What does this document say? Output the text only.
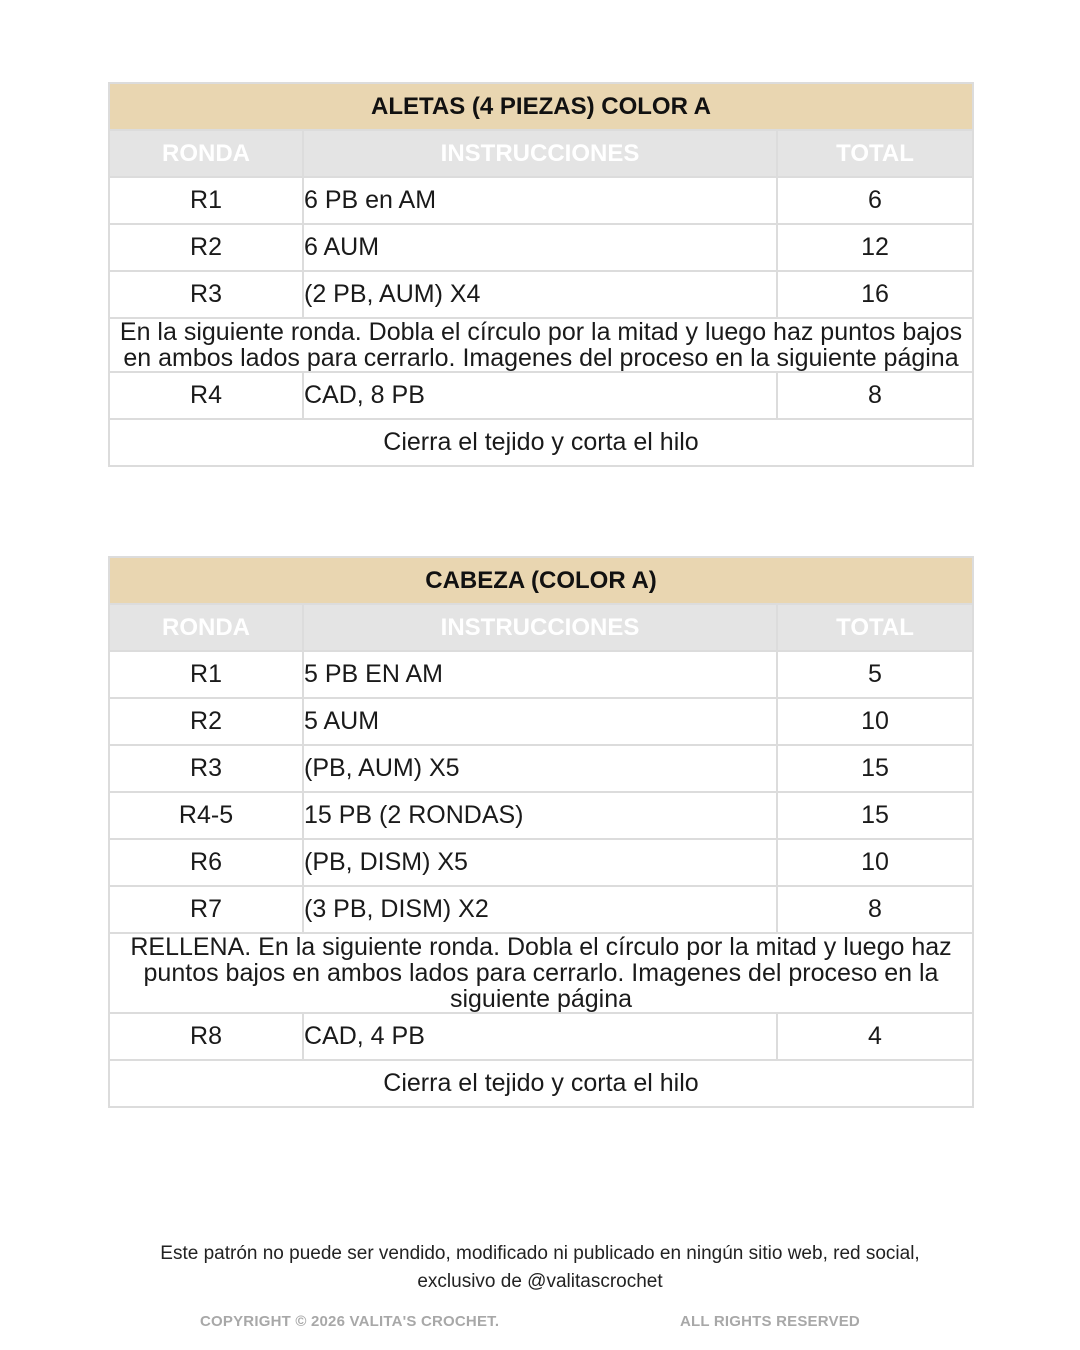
ALETAS (4 PIEZAS) COLOR A		
RONDA	INSTRUCCIONES	TOTAL
R1	6 PB en AM	6
R2	6 AUM	12
R3	(2 PB, AUM) X4	16
En la siguiente ronda. Dobla el círculo por la mitad y luego haz puntos bajos en ambos lados para cerrarlo. Imagenes del proceso en la siguiente página		
R4	CAD, 8 PB	8
Cierra el tejido y corta el hilo		
CABEZA (COLOR A)		
RONDA	INSTRUCCIONES	TOTAL
R1	5 PB EN AM	5
R2	5 AUM	10
R3	(PB, AUM) X5	15
R4-5	15 PB (2 RONDAS)	15
R6	(PB, DISM) X5	10
R7	(3 PB, DISM) X2	8
RELLENA. En la siguiente ronda. Dobla el círculo por la mitad y luego haz puntos bajos en ambos lados para cerrarlo. Imagenes del proceso en la siguiente página		
R8	CAD, 4 PB	4
Cierra el tejido y corta el hilo		
Este patrón no puede ser vendido, modificado ni publicado en ningún sitio web, red social,
exclusivo de @valitascrochet
COPYRIGHT © 2026 VALITA'S CROCHET.	ALL RIGHTS RESERVED
